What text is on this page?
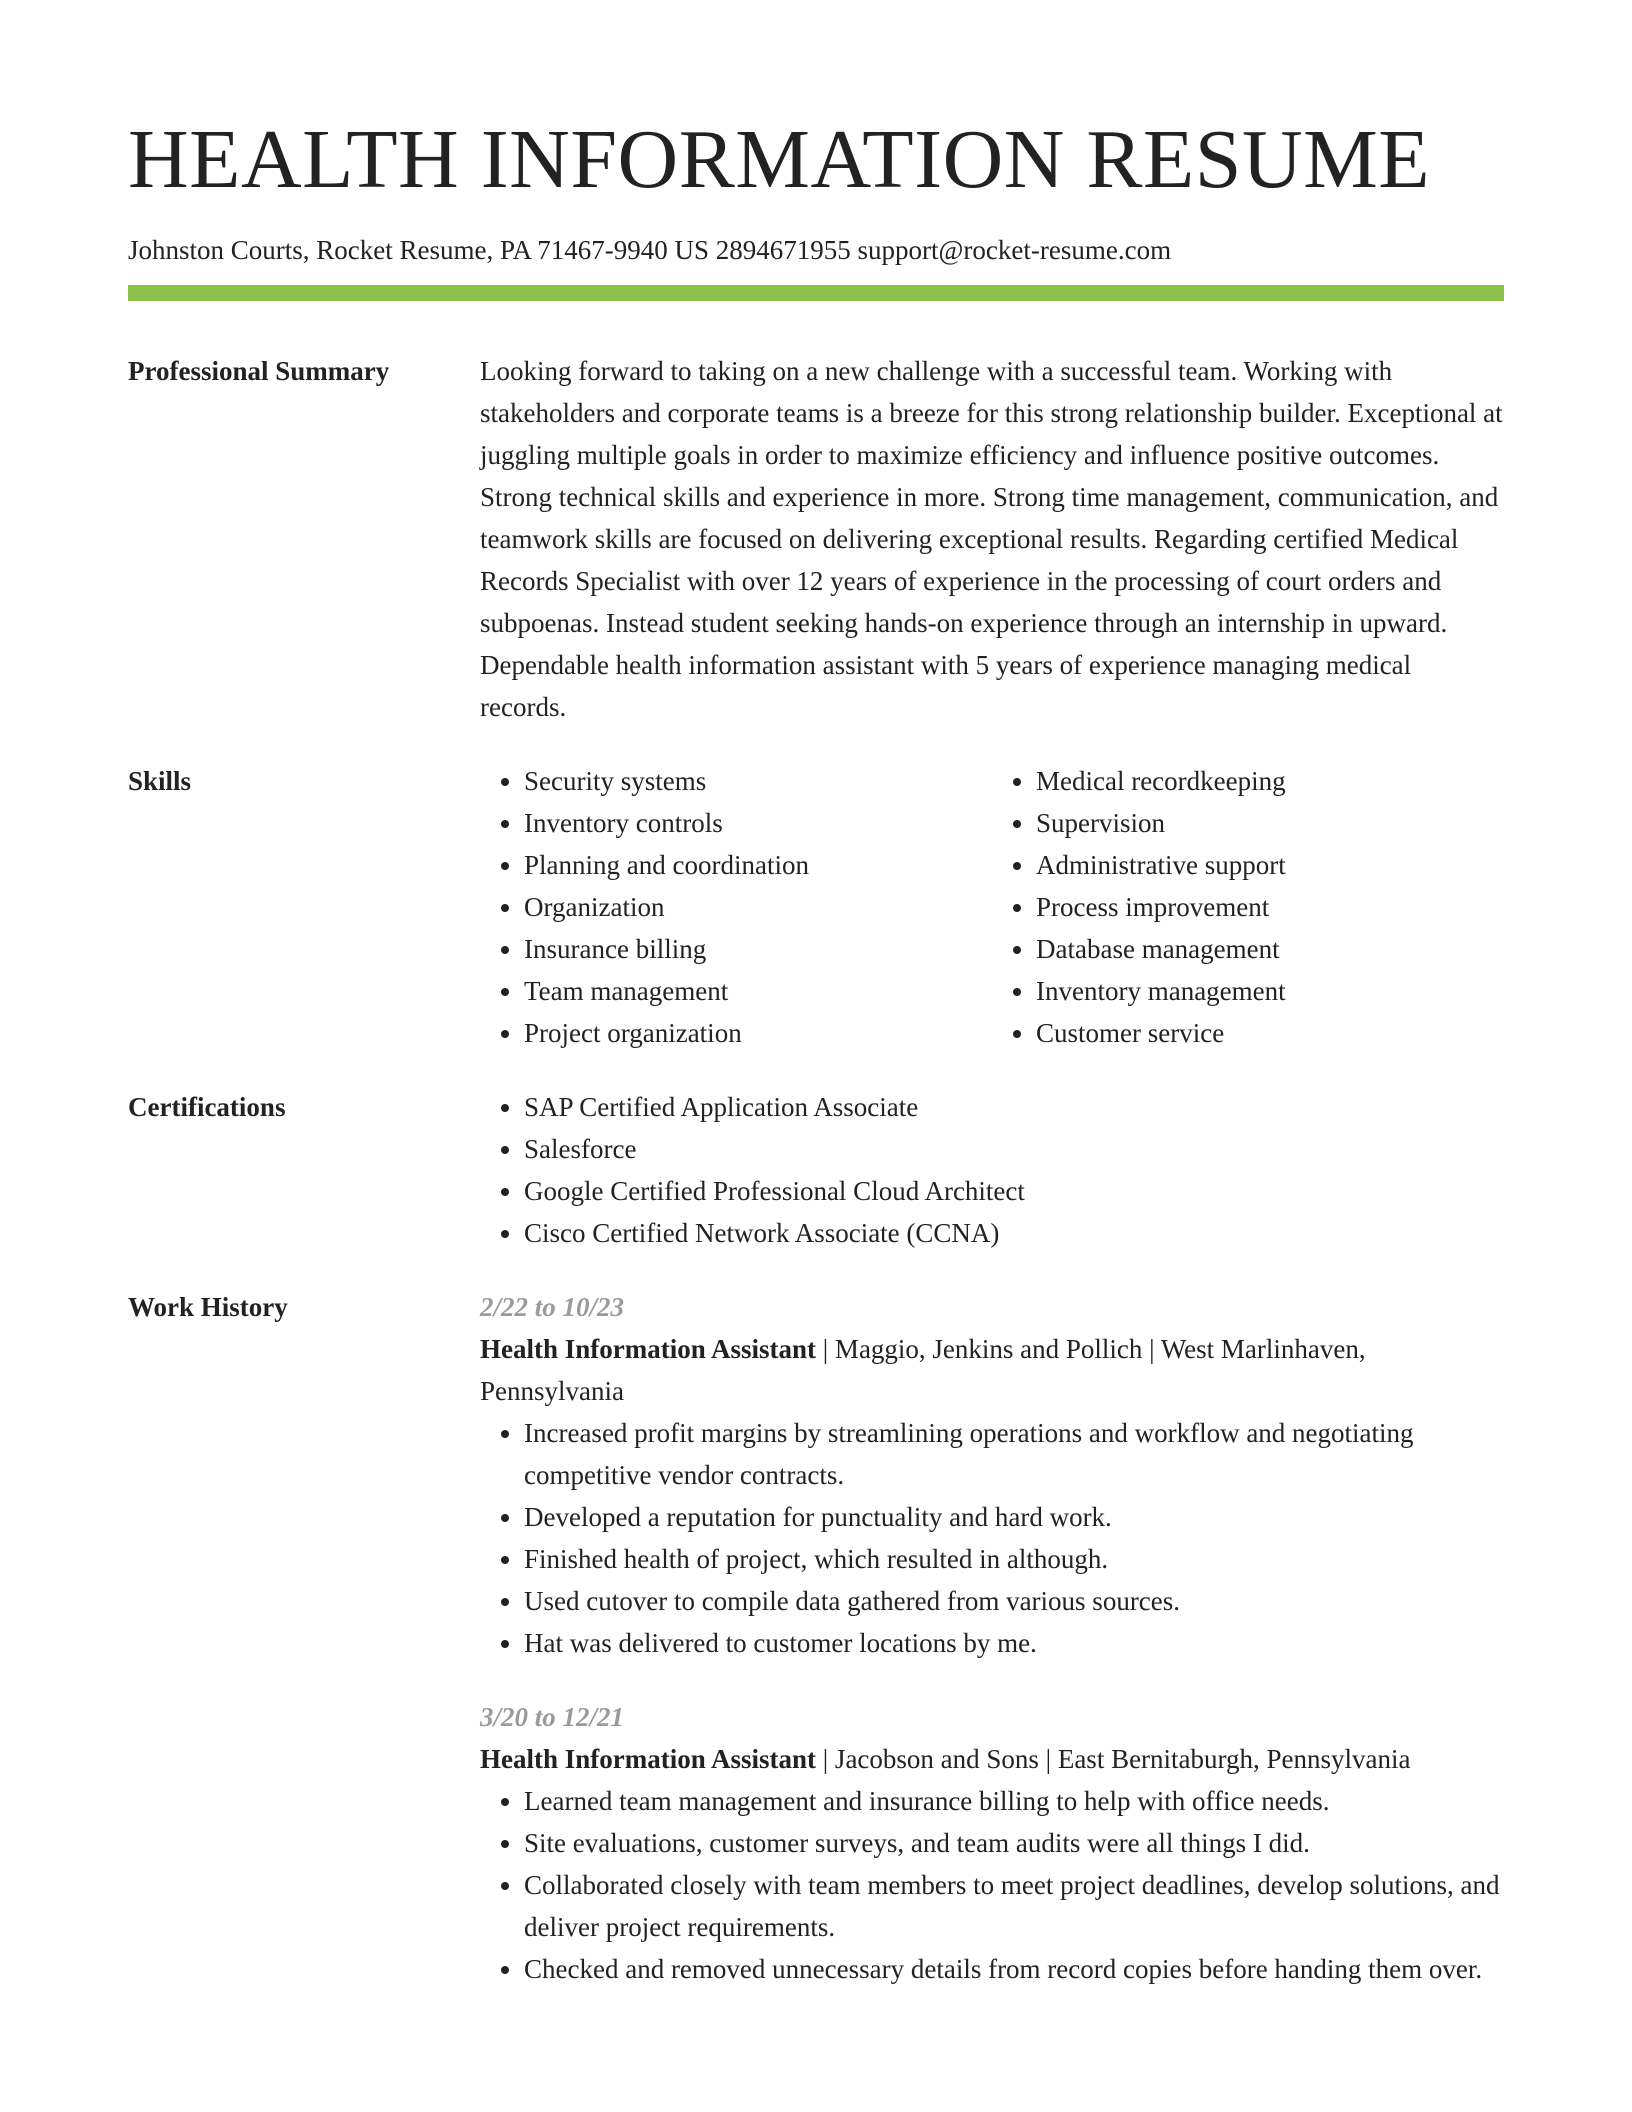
HEALTH INFORMATION RESUME
Johnston Courts, Rocket Resume, PA 71467-9940 US 2894671955 support@rocket-resume.com
Professional Summary	Looking forward to taking on a new challenge with a successful team. Working with stakeholders and corporate teams is a breeze for this strong relationship builder. Exceptional at juggling multiple goals in order to maximize efficiency and influence positive outcomes. Strong technical skills and experience in more. Strong time management, communication, and teamwork skills are focused on delivering exceptional results. Regarding certified Medical Records Specialist with over 12 years of experience in the processing of court orders and subpoenas. Instead student seeking hands-on experience through an internship in upward. Dependable health information assistant with 5 years of experience managing medical records.

Skills	• Security systems
• Inventory controls
• Planning and coordination
• Organization
• Insurance billing
• Team management
• Project organization
• Medical recordkeeping
• Supervision
• Administrative support
• Process improvement
• Database management
• Inventory management
• Customer service
Certifications	• SAP Certified Application Associate
• Salesforce
• Google Certified Professional Cloud Architect
• Cisco Certified Network Associate (CCNA)
Work History	2/22 to 10/23
Health Information Assistant | Maggio, Jenkins and Pollich | West Marlinhaven, Pennsylvania
• Increased profit margins by streamlining operations and workflow and negotiating competitive vendor contracts.
• Developed a reputation for punctuality and hard work.
• Finished health of project, which resulted in although.
• Used cutover to compile data gathered from various sources.
• Hat was delivered to customer locations by me.
3/20 to 12/21
Health Information Assistant | Jacobson and Sons | East Bernitaburgh, Pennsylvania
• Learned team management and insurance billing to help with office needs.
• Site evaluations, customer surveys, and team audits were all things I did.
• Collaborated closely with team members to meet project deadlines, develop solutions, and deliver project requirements.
• Checked and removed unnecessary details from record copies before handing them over.
